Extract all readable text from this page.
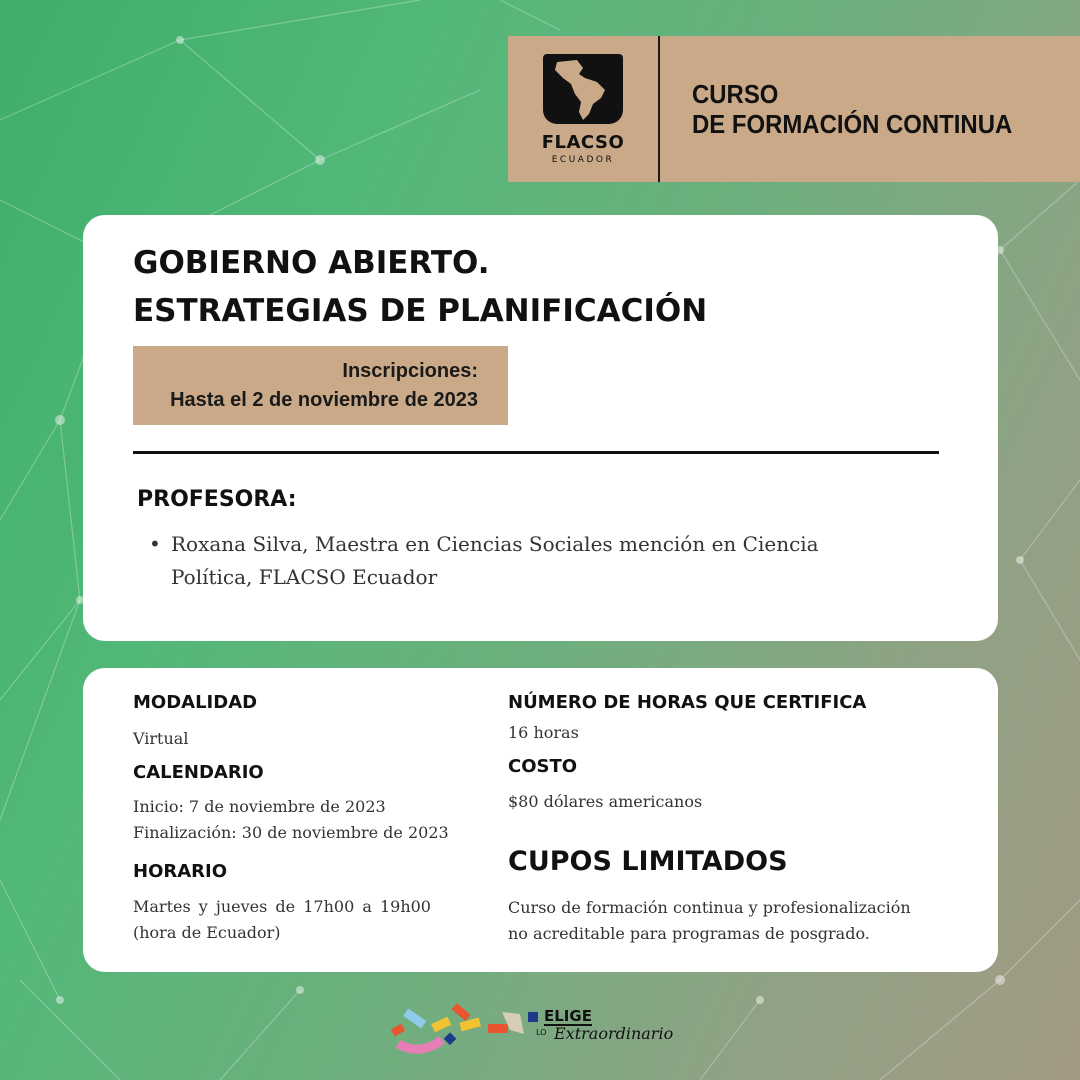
FLACSO
ECUADOR
CURSO
DE FORMACIÓN CONTINUA
GOBIERNO ABIERTO.
ESTRATEGIAS DE PLANIFICACIÓN
Inscripciones:
Hasta el 2 de noviembre de 2023
PROFESORA:
• Roxana Silva, Maestra en Ciencias Sociales mención en Ciencia
Política, FLACSO Ecuador
MODALIDAD
Virtual
CALENDARIO
Inicio: 7 de noviembre de 2023
Finalización: 30 de noviembre de 2023
HORARIO
Martes y jueves de 17h00 a 19h00
(hora de Ecuador)
NÚMERO DE HORAS QUE CERTIFICA
16 horas
COSTO
$80 dólares americanos
CUPOS LIMITADOS
Curso de formación continua y profesionalización
no acreditable para programas de posgrado.
ELIGE
LO Extraordinario
